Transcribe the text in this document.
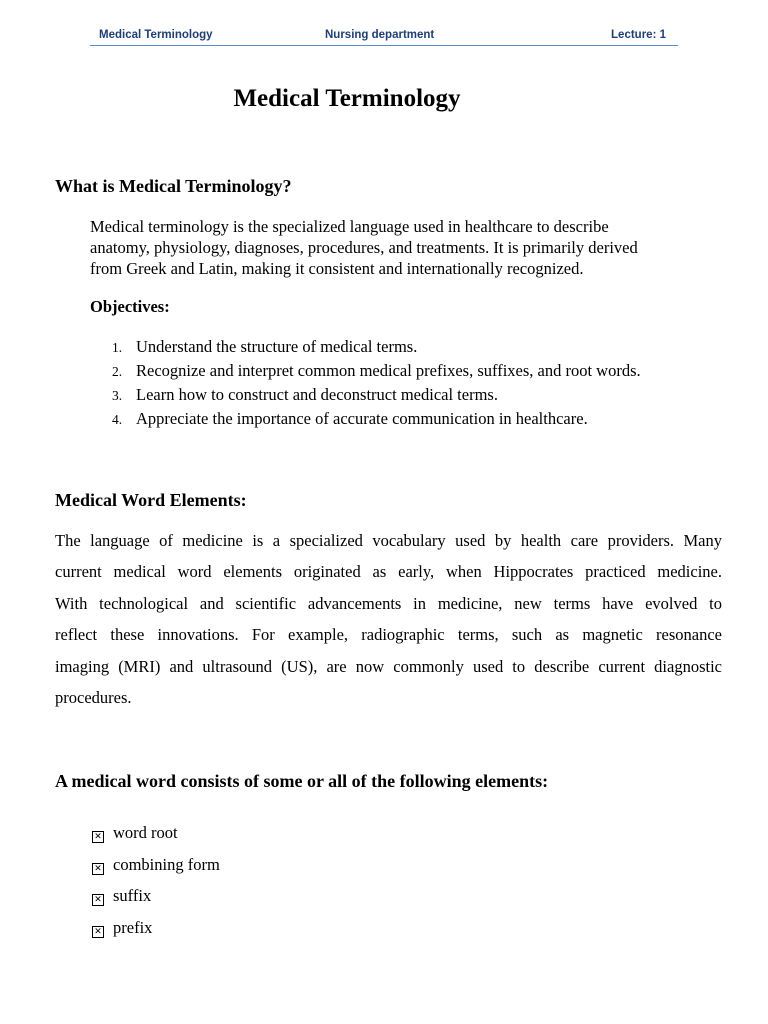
Medical Terminology	Nursing department	Lecture: 1
Medical Terminology
What is Medical Terminology?
Medical terminology is the specialized language used in healthcare to describe
anatomy, physiology, diagnoses, procedures, and treatments. It is primarily derived
from Greek and Latin, making it consistent and internationally recognized.
Objectives:
1. Understand the structure of medical terms.
2. Recognize and interpret common medical prefixes, suffixes, and root words.
3. Learn how to construct and deconstruct medical terms.
4. Appreciate the importance of accurate communication in healthcare.
Medical Word Elements:
The language of medicine is a specialized vocabulary used by health care providers. Many
current medical word elements originated as early, when Hippocrates practiced medicine.
With technological and scientific advancements in medicine, new terms have evolved to
reflect these innovations. For example, radiographic terms, such as magnetic resonance
imaging (MRI) and ultrasound (US), are now commonly used to describe current diagnostic
procedures.
A medical word consists of some or all of the following elements:
✕ word root
✕ combining form
✕ suffix
✕ prefix
